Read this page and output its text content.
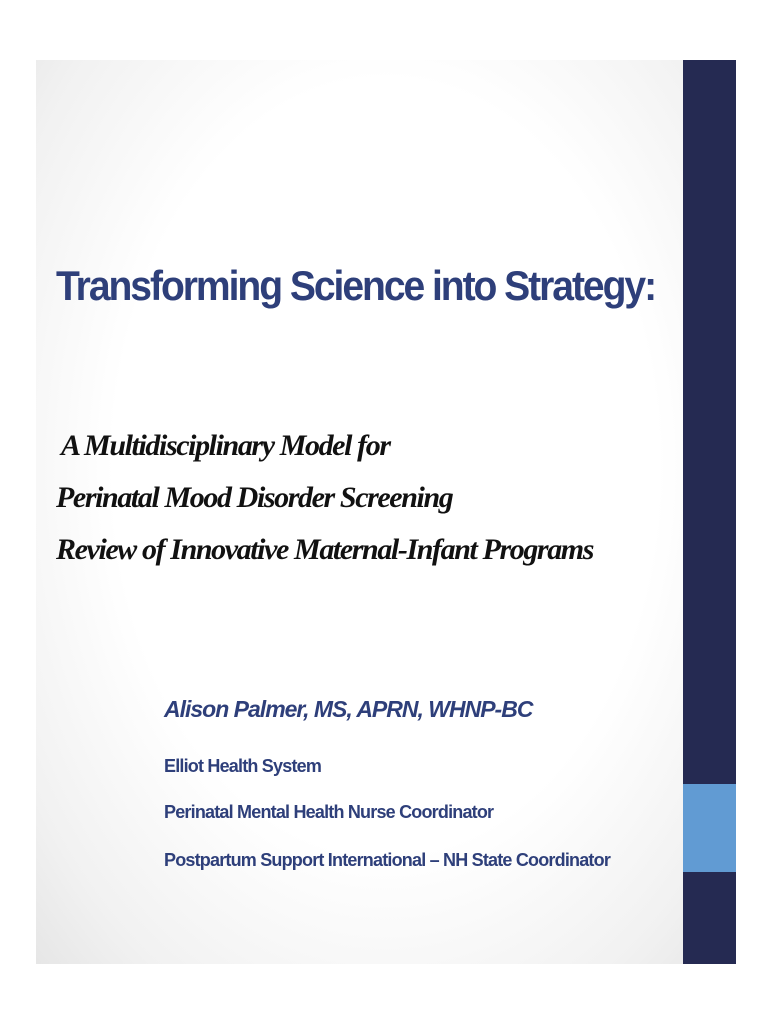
Transforming Science into Strategy:
A Multidisciplinary Model for
Perinatal Mood Disorder Screening
Review of Innovative Maternal-Infant Programs
Alison Palmer, MS, APRN, WHNP-BC
Elliot Health System
Perinatal Mental Health Nurse Coordinator
Postpartum Support International – NH State Coordinator
